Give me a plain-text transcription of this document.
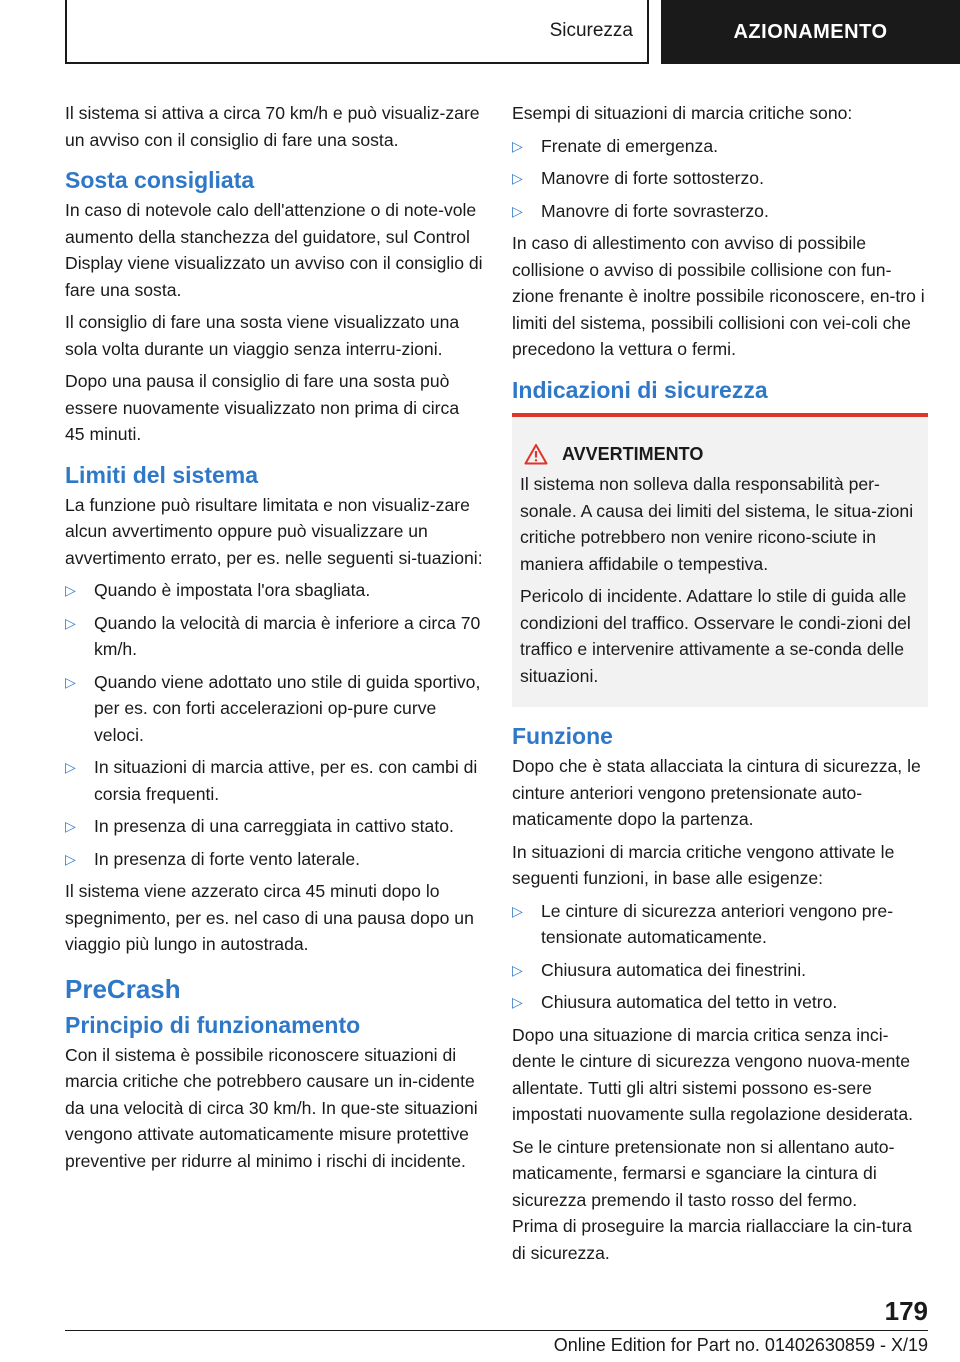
Sicurezza	AZIONAMENTO

Il sistema si attiva a circa 70 km/h e può visualiz-zare un avviso con il consiglio di fare una sosta.

Sosta consigliata

In caso di notevole calo dell'attenzione o di note-vole aumento della stanchezza del guidatore, sul Control Display viene visualizzato un avviso con il consiglio di fare una sosta.

Il consiglio di fare una sosta viene visualizzato una sola volta durante un viaggio senza interru-zioni.

Dopo una pausa il consiglio di fare una sosta può essere nuovamente visualizzato non prima di circa 45 minuti.

Limiti del sistema

La funzione può risultare limitata e non visualiz-zare alcun avvertimento oppure può visualizzare un avvertimento errato, per es. nelle seguenti si-tuazioni:

▷ Quando è impostata l'ora sbagliata.
▷ Quando la velocità di marcia è inferiore a circa 70 km/h.
▷ Quando viene adottato uno stile di guida sportivo, per es. con forti accelerazioni op-pure curve veloci.
▷ In situazioni di marcia attive, per es. con cambi di corsia frequenti.
▷ In presenza di una carreggiata in cattivo stato.
▷ In presenza di forte vento laterale.

Il sistema viene azzerato circa 45 minuti dopo lo spegnimento, per es. nel caso di una pausa dopo un viaggio più lungo in autostrada.

PreCrash
Principio di funzionamento

Con il sistema è possibile riconoscere situazioni di marcia critiche che potrebbero causare un in-cidente da una velocità di circa 30 km/h. In que-ste situazioni vengono attivate automaticamente misure protettive preventive per ridurre al minimo i rischi di incidente.

Esempi di situazioni di marcia critiche sono:

▷ Frenate di emergenza.
▷ Manovre di forte sottosterzo.
▷ Manovre di forte sovrasterzo.

In caso di allestimento con avviso di possibile collisione o avviso di possibile collisione con fun-zione frenante è inoltre possibile riconoscere, en-tro i limiti del sistema, possibili collisioni con vei-coli che precedono la vettura o fermi.

Indicazioni di sicurezza
AVVERTIMENTO

Il sistema non solleva dalla responsabilità per-sonale. A causa dei limiti del sistema, le situa-zioni critiche potrebbero non venire ricono-sciute in maniera affidabile o tempestiva.

Pericolo di incidente. Adattare lo stile di guida alle condizioni del traffico. Osservare le condi-zioni del traffico e intervenire attivamente a se-conda delle situazioni.

Funzione

Dopo che è stata allacciata la cintura di sicurezza, le cinture anteriori vengono pretensionate auto-maticamente dopo la partenza.

In situazioni di marcia critiche vengono attivate le seguenti funzioni, in base alle esigenze:

▷ Le cinture di sicurezza anteriori vengono pre-tensionate automaticamente.
▷ Chiusura automatica dei finestrini.
▷ Chiusura automatica del tetto in vetro.

Dopo una situazione di marcia critica senza inci-dente le cinture di sicurezza vengono nuova-mente allentate. Tutti gli altri sistemi possono es-sere impostati nuovamente sulla regolazione desiderata.

Se le cinture pretensionate non si allentano auto-maticamente, fermarsi e sganciare la cintura di sicurezza premendo il tasto rosso del fermo.

Prima di proseguire la marcia riallacciare la cin-tura di sicurezza.

179
Online Edition for Part no. 01402630859 - X/19
